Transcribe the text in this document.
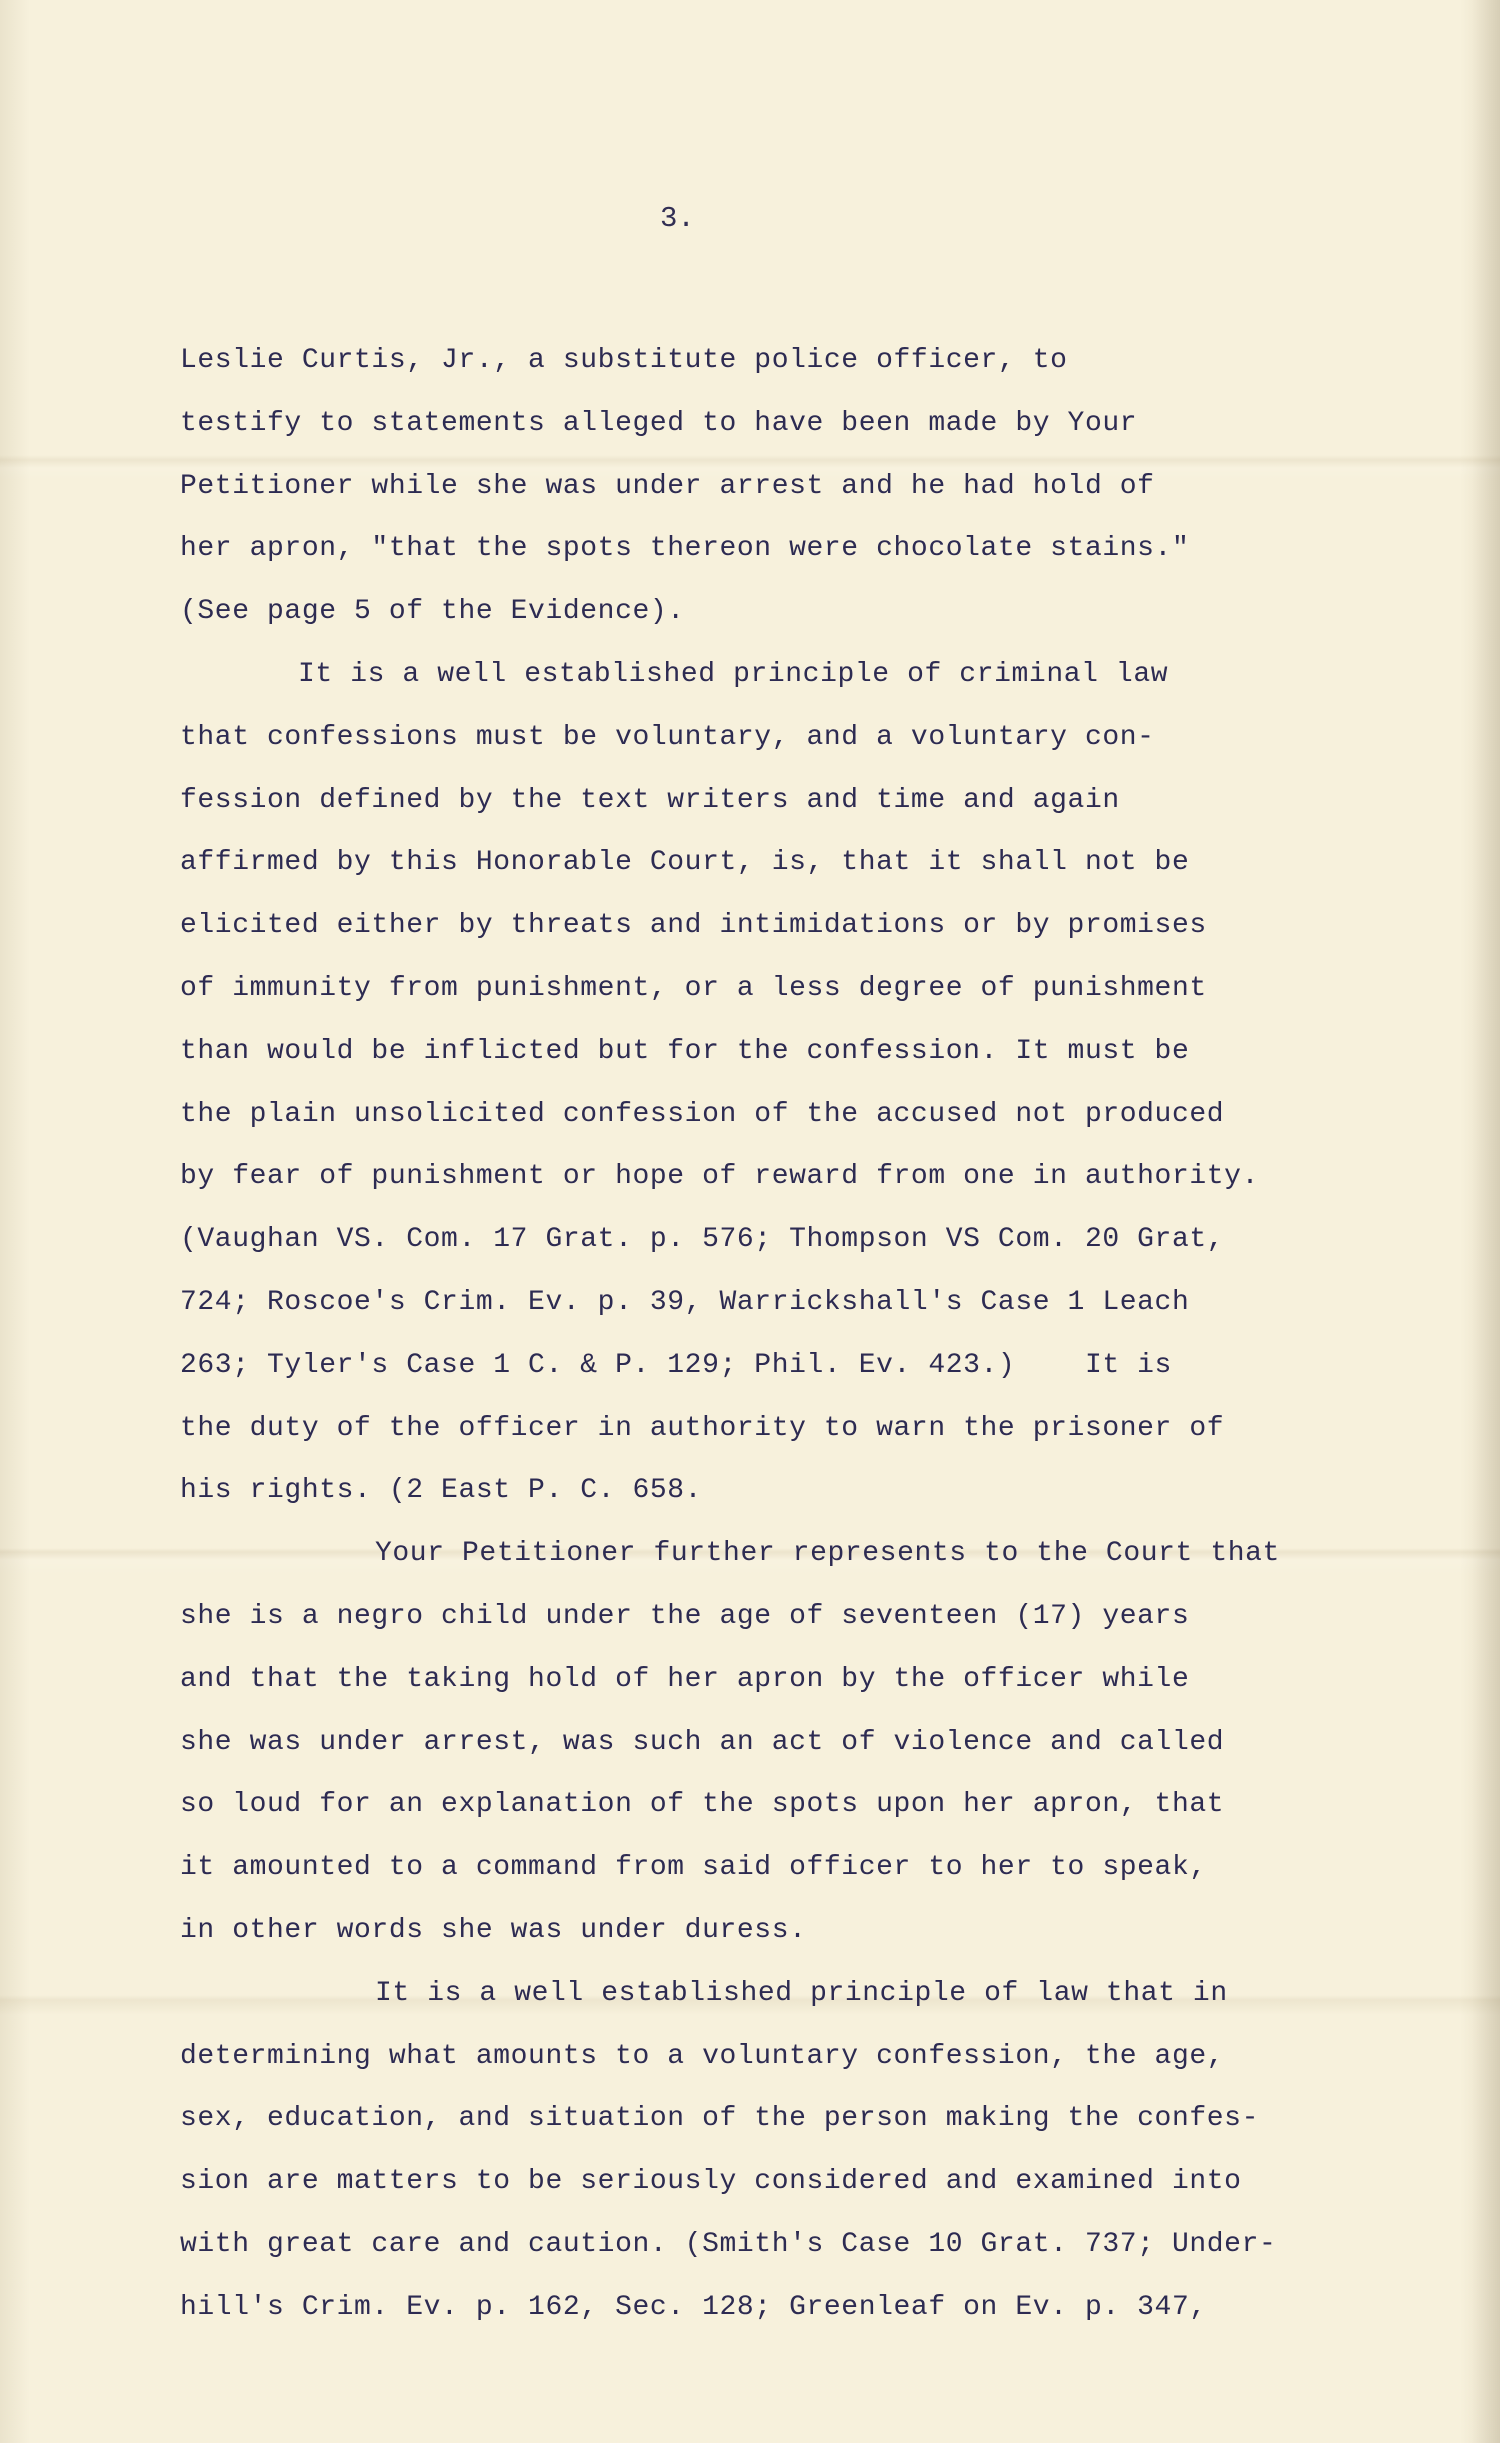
3.
Leslie Curtis, Jr., a substitute police officer, to
testify to statements alleged to have been made by Your
Petitioner while she was under arrest and he had hold of
her apron, "that the spots thereon were chocolate stains."
(See page 5 of the Evidence).
It is a well established principle of criminal law
that confessions must be voluntary, and a voluntary con-
fession defined by the text writers and time and again
affirmed by this Honorable Court, is, that it shall not be
elicited either by threats and intimidations or by promises
of immunity from punishment, or a less degree of punishment
than would be inflicted but for the confession. It must be
the plain unsolicited confession of the accused not produced
by fear of punishment or hope of reward from one in authority.
(Vaughan VS. Com. 17 Grat. p. 576; Thompson VS Com. 20 Grat,
724; Roscoe's Crim. Ev. p. 39, Warrickshall's Case 1 Leach
263; Tyler's Case 1 C. & P. 129; Phil. Ev. 423.)    It is
the duty of the officer in authority to warn the prisoner of
his rights. (2 East P. C. 658.
Your Petitioner further represents to the Court that
she is a negro child under the age of seventeen (17) years
and that the taking hold of her apron by the officer while
she was under arrest, was such an act of violence and called
so loud for an explanation of the spots upon her apron, that
it amounted to a command from said officer to her to speak,
in other words she was under duress.
It is a well established principle of law that in
determining what amounts to a voluntary confession, the age,
sex, education, and situation of the person making the confes-
sion are matters to be seriously considered and examined into
with great care and caution. (Smith's Case 10 Grat. 737; Under-
hill's Crim. Ev. p. 162, Sec. 128; Greenleaf on Ev. p. 347,
